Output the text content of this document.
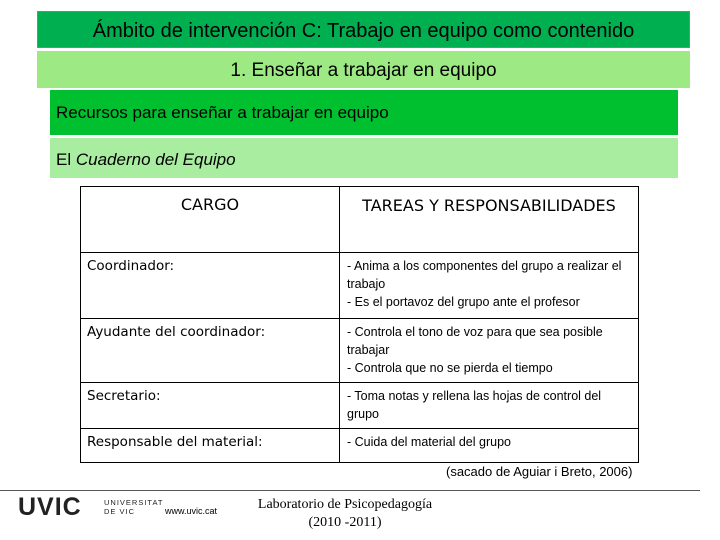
Ámbito de intervención C: Trabajo en equipo como contenido
1. Enseñar a trabajar en equipo
Recursos para enseñar a trabajar en equipo
El Cuaderno del Equipo
CARGO	TAREAS Y RESPONSABILIDADES
Coordinador:	- Anima a los componentes del grupo a realizar el trabajo
- Es el portavoz del grupo ante el profesor

Ayudante del coordinador:	- Controla el tono de voz para que sea posible trabajar
- Controla que no se pierda el tiempo

Secretario:	- Toma notas y rellena las hojas de control del grupo

Responsable del material:	- Cuida del material del grupo
(sacado de Aguiar i Breto, 2006)
UVIC	UNIVERSITAT
DE VIC	www.uvic.cat	Laboratorio de Psicopedagogía (2010 -2011)
